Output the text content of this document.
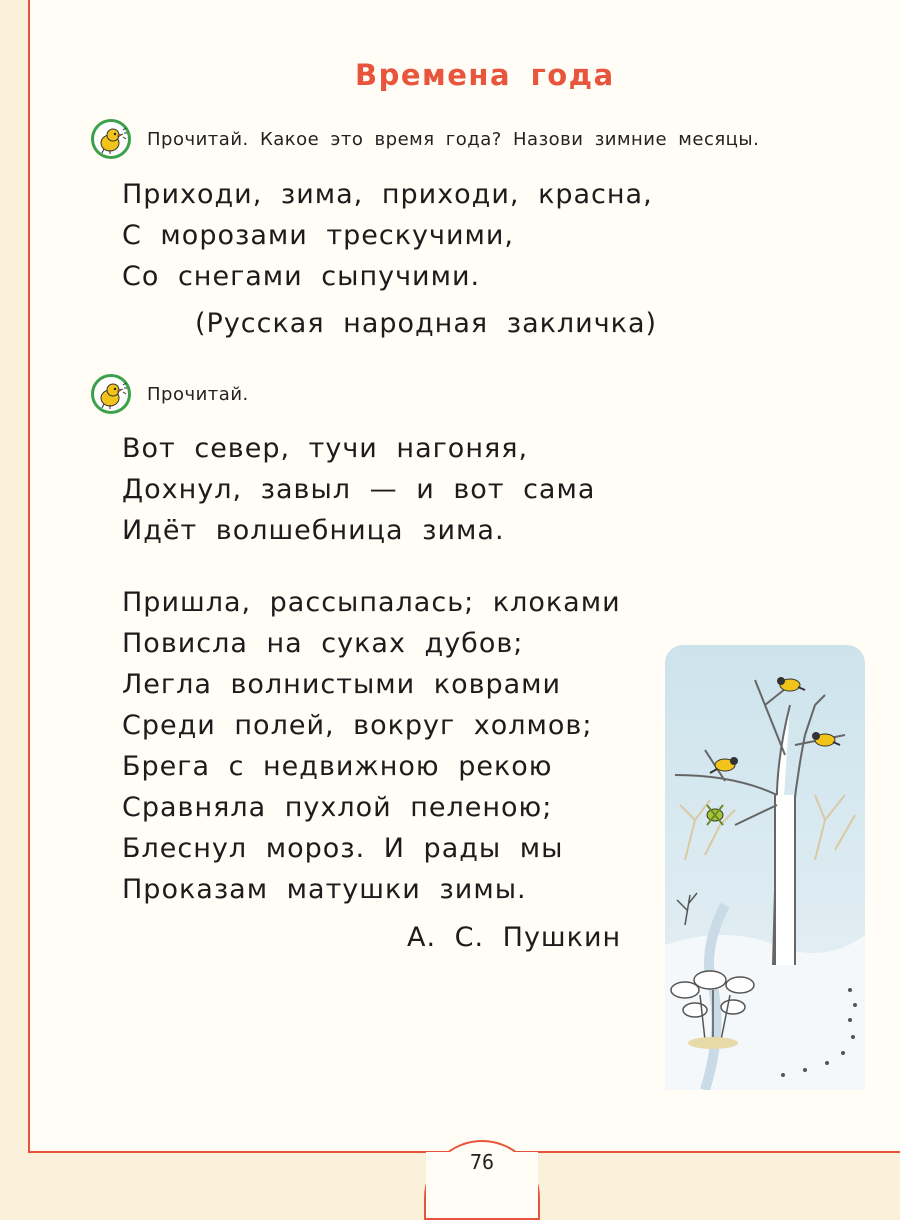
Времена года
Прочитай. Какое это время года? Назови зимние месяцы.
Приходи, зима, приходи, красна,
С морозами трескучими,
Со снегами сыпучими.
(Русская народная закличка)
Прочитай.
Вот север, тучи нагоняя,
Дохнул, завыл — и вот сама
Идёт волшебница зима.
Пришла, рассыпалась; клоками
Повисла на суках дубов;
Легла волнистыми коврами
Среди полей, вокруг холмов;
Брега с недвижною рекою
Сравняла пухлой пеленою;
Блеснул мороз. И рады мы
Проказам матушки зимы.
А. С. Пушкин
76
